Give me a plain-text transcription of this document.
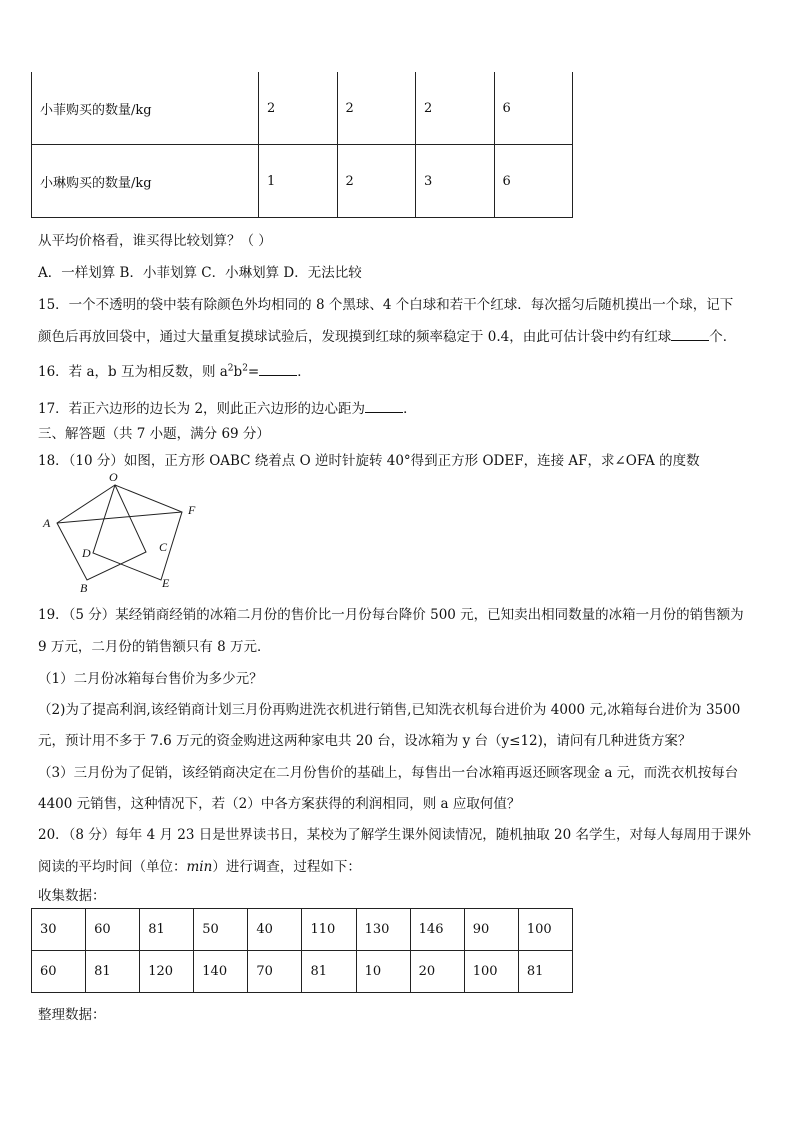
小菲购买的数量/kg	2	2	2	6
小琳购买的数量/kg	1	2	3	6
从平均价格看，谁买得比较划算？（ ）
A．一样划算 B．小菲划算 C．小琳划算 D．无法比较
15．一个不透明的袋中装有除颜色外均相同的 8 个黑球、4 个白球和若干个红球．每次摇匀后随机摸出一个球，记下
颜色后再放回袋中，通过大量重复摸球试验后，发现摸到红球的频率稳定于 0.4，由此可估计袋中约有红球	个．
16．若 a，b 互为相反数，则 $a^2b^2=$	．
17．若正六边形的边长为 2，则此正六边形的边心距为	．
三、解答题（共 7 小题，满分 69 分）
18．（10 分）如图，正方形 OABC 绕着点 O 逆时针旋转 40°得到正方形 ODEF，连接 AF，求∠OFA 的度数
O
A
F
D	C
B	E
19．（5 分）某经销商经销的冰箱二月份的售价比一月份每台降价 500 元，已知卖出相同数量的冰箱一月份的销售额为
9 万元，二月份的销售额只有 8 万元．
（1）二月份冰箱每台售价为多少元？
（2)为了提高利润,该经销商计划三月份再购进洗衣机进行销售,已知洗衣机每台进价为 4000 元,冰箱每台进价为 3500
元，预计用不多于 7.6 万元的资金购进这两种家电共 20 台，设冰箱为 y 台（y≤12)，请问有几种进货方案？
（3）三月份为了促销，该经销商决定在二月份售价的基础上，每售出一台冰箱再返还顾客现金 a 元，而洗衣机按每台
4400 元销售，这种情况下，若（2）中各方案获得的利润相同，则 a 应取何值？
20．（8 分）每年 4 月 23 日是世界读书日，某校为了解学生课外阅读情况，随机抽取 20 名学生，对每人每周用于课外
阅读的平均时间（单位：min）进行调查，过程如下：
收集数据：
30	60	81	50	40	110	130	146	90	100
60	81	120	140	70	81	10	20	100	81
整理数据：
